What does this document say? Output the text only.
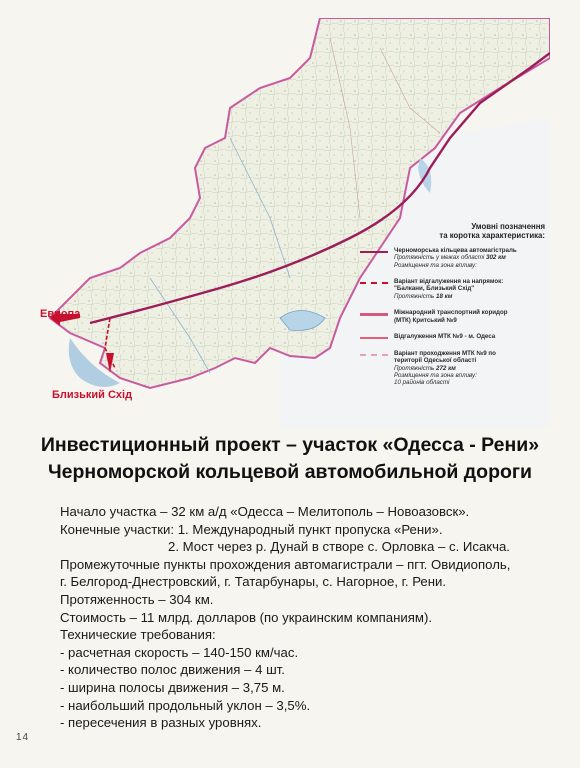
Европа
Близький Схід
Умовні позначення
та коротка характеристика:
Черноморська кільцева автомагістраль
Протяжність у межах області 302 км
Розміщення та зона впливу:
Варіант відгалуження на напрямок:
"Балкани, Близький Схід"
Протяжність 18 км
Міжнародний транспортний коридор
(МТК) Критський №9
Відгалуження МТК №9 - м. Одеса
Варіант проходження МТК №9 по
території Одеської області
Протяжність 272 км
Розміщення та зона впливу:
10 районів області
Инвестиционный проект – участок «Одесса - Рени»
Черноморской кольцевой автомобильной дороги
Начало участка – 32 км а/д «Одесса – Мелитополь – Новоазовск».
Конечные участки: 1. Международный пункт пропуска «Рени».
2. Мост через р. Дунай в створе с. Орловка – с. Исакча.
Промежуточные пункты прохождения автомагистрали – пгт. Овидиополь,
г. Белгород-Днестровский, г. Татарбунары, с. Нагорное, г. Рени.
Протяженность – 304 км.
Стоимость – 11 млрд. долларов (по украинским компаниям).
Технические требования:
- расчетная скорость – 140-150 км/час.
- количество полос движения – 4 шт.
- ширина полосы движения – 3,75 м.
- наибольший продольный уклон – 3,5%.
- пересечения в разных уровнях.
14
